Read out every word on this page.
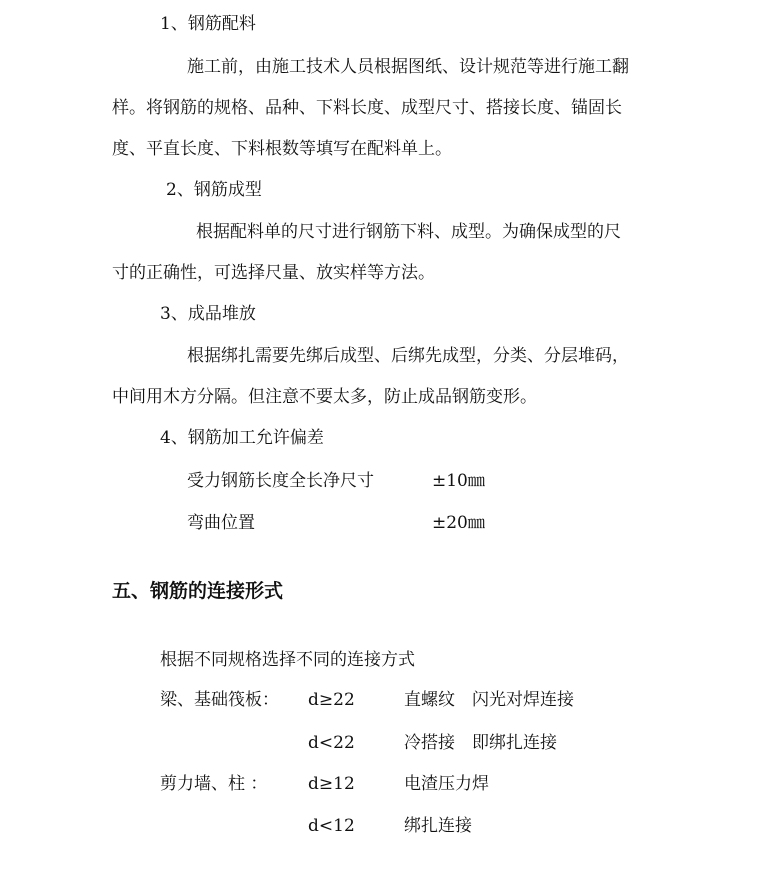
1、钢筋配料
施工前，由施工技术人员根据图纸、设计规范等进行施工翻
样。将钢筋的规格、品种、下料长度、成型尺寸、搭接长度、锚固长
度、平直长度、下料根数等填写在配料单上。
2、钢筋成型
根据配料单的尺寸进行钢筋下料、成型。为确保成型的尺
寸的正确性，可选择尺量、放实样等方法。
3、成品堆放
根据绑扎需要先绑后成型、后绑先成型，分类、分层堆码，
中间用木方分隔。但注意不要太多，防止成品钢筋变形。
4、钢筋加工允许偏差
受力钢筋长度全长净尺寸	±10㎜
弯曲位置	±20㎜
五、钢筋的连接形式
根据不同规格选择不同的连接方式
梁、基础筏板： d≥22	直螺纹　闪光对焊连接
d<22	冷搭接　即绑扎连接
剪力墙、柱 ： d≥12	电渣压力焊
d<12	绑扎连接
